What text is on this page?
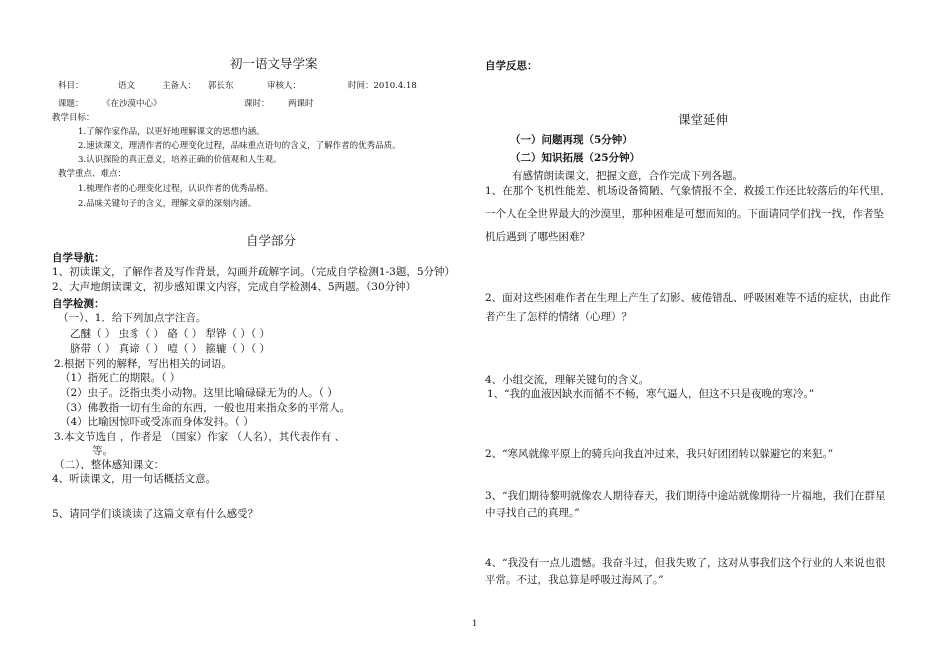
初一语文导学案
科目：	语文	主备人： 郭长东	审核人：	时间：2010.4.18
课题： 《在沙漠中心》	课时： 两课时
教学目标：
1.了解作家作品，以更好地理解课文的思想内涵。
2.速读课文，理清作者的心理变化过程，品味重点语句的含义，了解作者的优秀品质。
3.认识探险的真正意义，培养正确的价值观和人生观。
教学重点、难点：
1.梳理作者的心理变化过程，认识作者的优秀品格。
2.品味关键句子的含义，理解文章的深刻内涵。
自学部分
自学导航：
1、初读课文，了解作者及写作背景，勾画并疏解字词。（完成自学检测1-3题，5分钟）
2、大声地朗读课文，初步感知课文内容，完成自学检测4、5两题。（30分钟）
自学检测：
（一）、1．给下列加点字注音。
乙醚（ ） 虫豸（ ） 硌（ ） 犁铧（ ）（ ）
脐带（ ） 真谛（ ） 噎（ ） 箍辘（ ）（ ）
2.根据下列的解释，写出相关的词语。
（1）指死亡的期限。（ ）
（2）虫子。泛指虫类小动物。这里比喻碌碌无为的人。（ ）
（3）佛教指一切有生命的东西，一般也用来指众多的平常人。
（4）比喻因惊吓或受冻而身体发抖。（ ）
3.本文节选自 ，作者是 （国家）作家 （人名），其代表作有 、
等。
（二）、整体感知课文：
4、听读课文，用一句话概括文意。
5、请同学们谈谈读了这篇文章有什么感受？
自学反思：
课堂延伸
（一）问题再现（5分钟）
（二）知识拓展（25分钟）
有感情朗读课文，把握文意，合作完成下列各题。
1、在那个飞机性能差、机场设备简陋、气象情报不全、救援工作还比较落后的年代里，
一个人在全世界最大的沙漠里，那种困难是可想而知的。下面请同学们找一找，作者坠
机后遇到了哪些困难？
2、面对这些困难作者在生理上产生了幻影、疲倦错乱、呼吸困难等不适的症状，由此作
者产生了怎样的情绪（心理）？
4、小组交流，理解关键句的含义。
1、“我的血液因缺水而循不不畅，寒气逼人，但这不只是夜晚的寒冷。”
2、“寒风就像平原上的骑兵向我直冲过来，我只好团团转以躲避它的来犯。”
3、“我们期待黎明就像农人期待春天，我们期待中途站就像期待一片福地，我们在群星
中寻找自己的真理。”
4、“我没有一点儿遗憾。我奋斗过，但我失败了，这对从事我们这个行业的人来说也很
平常。不过，我总算是呼吸过海风了。”
1
